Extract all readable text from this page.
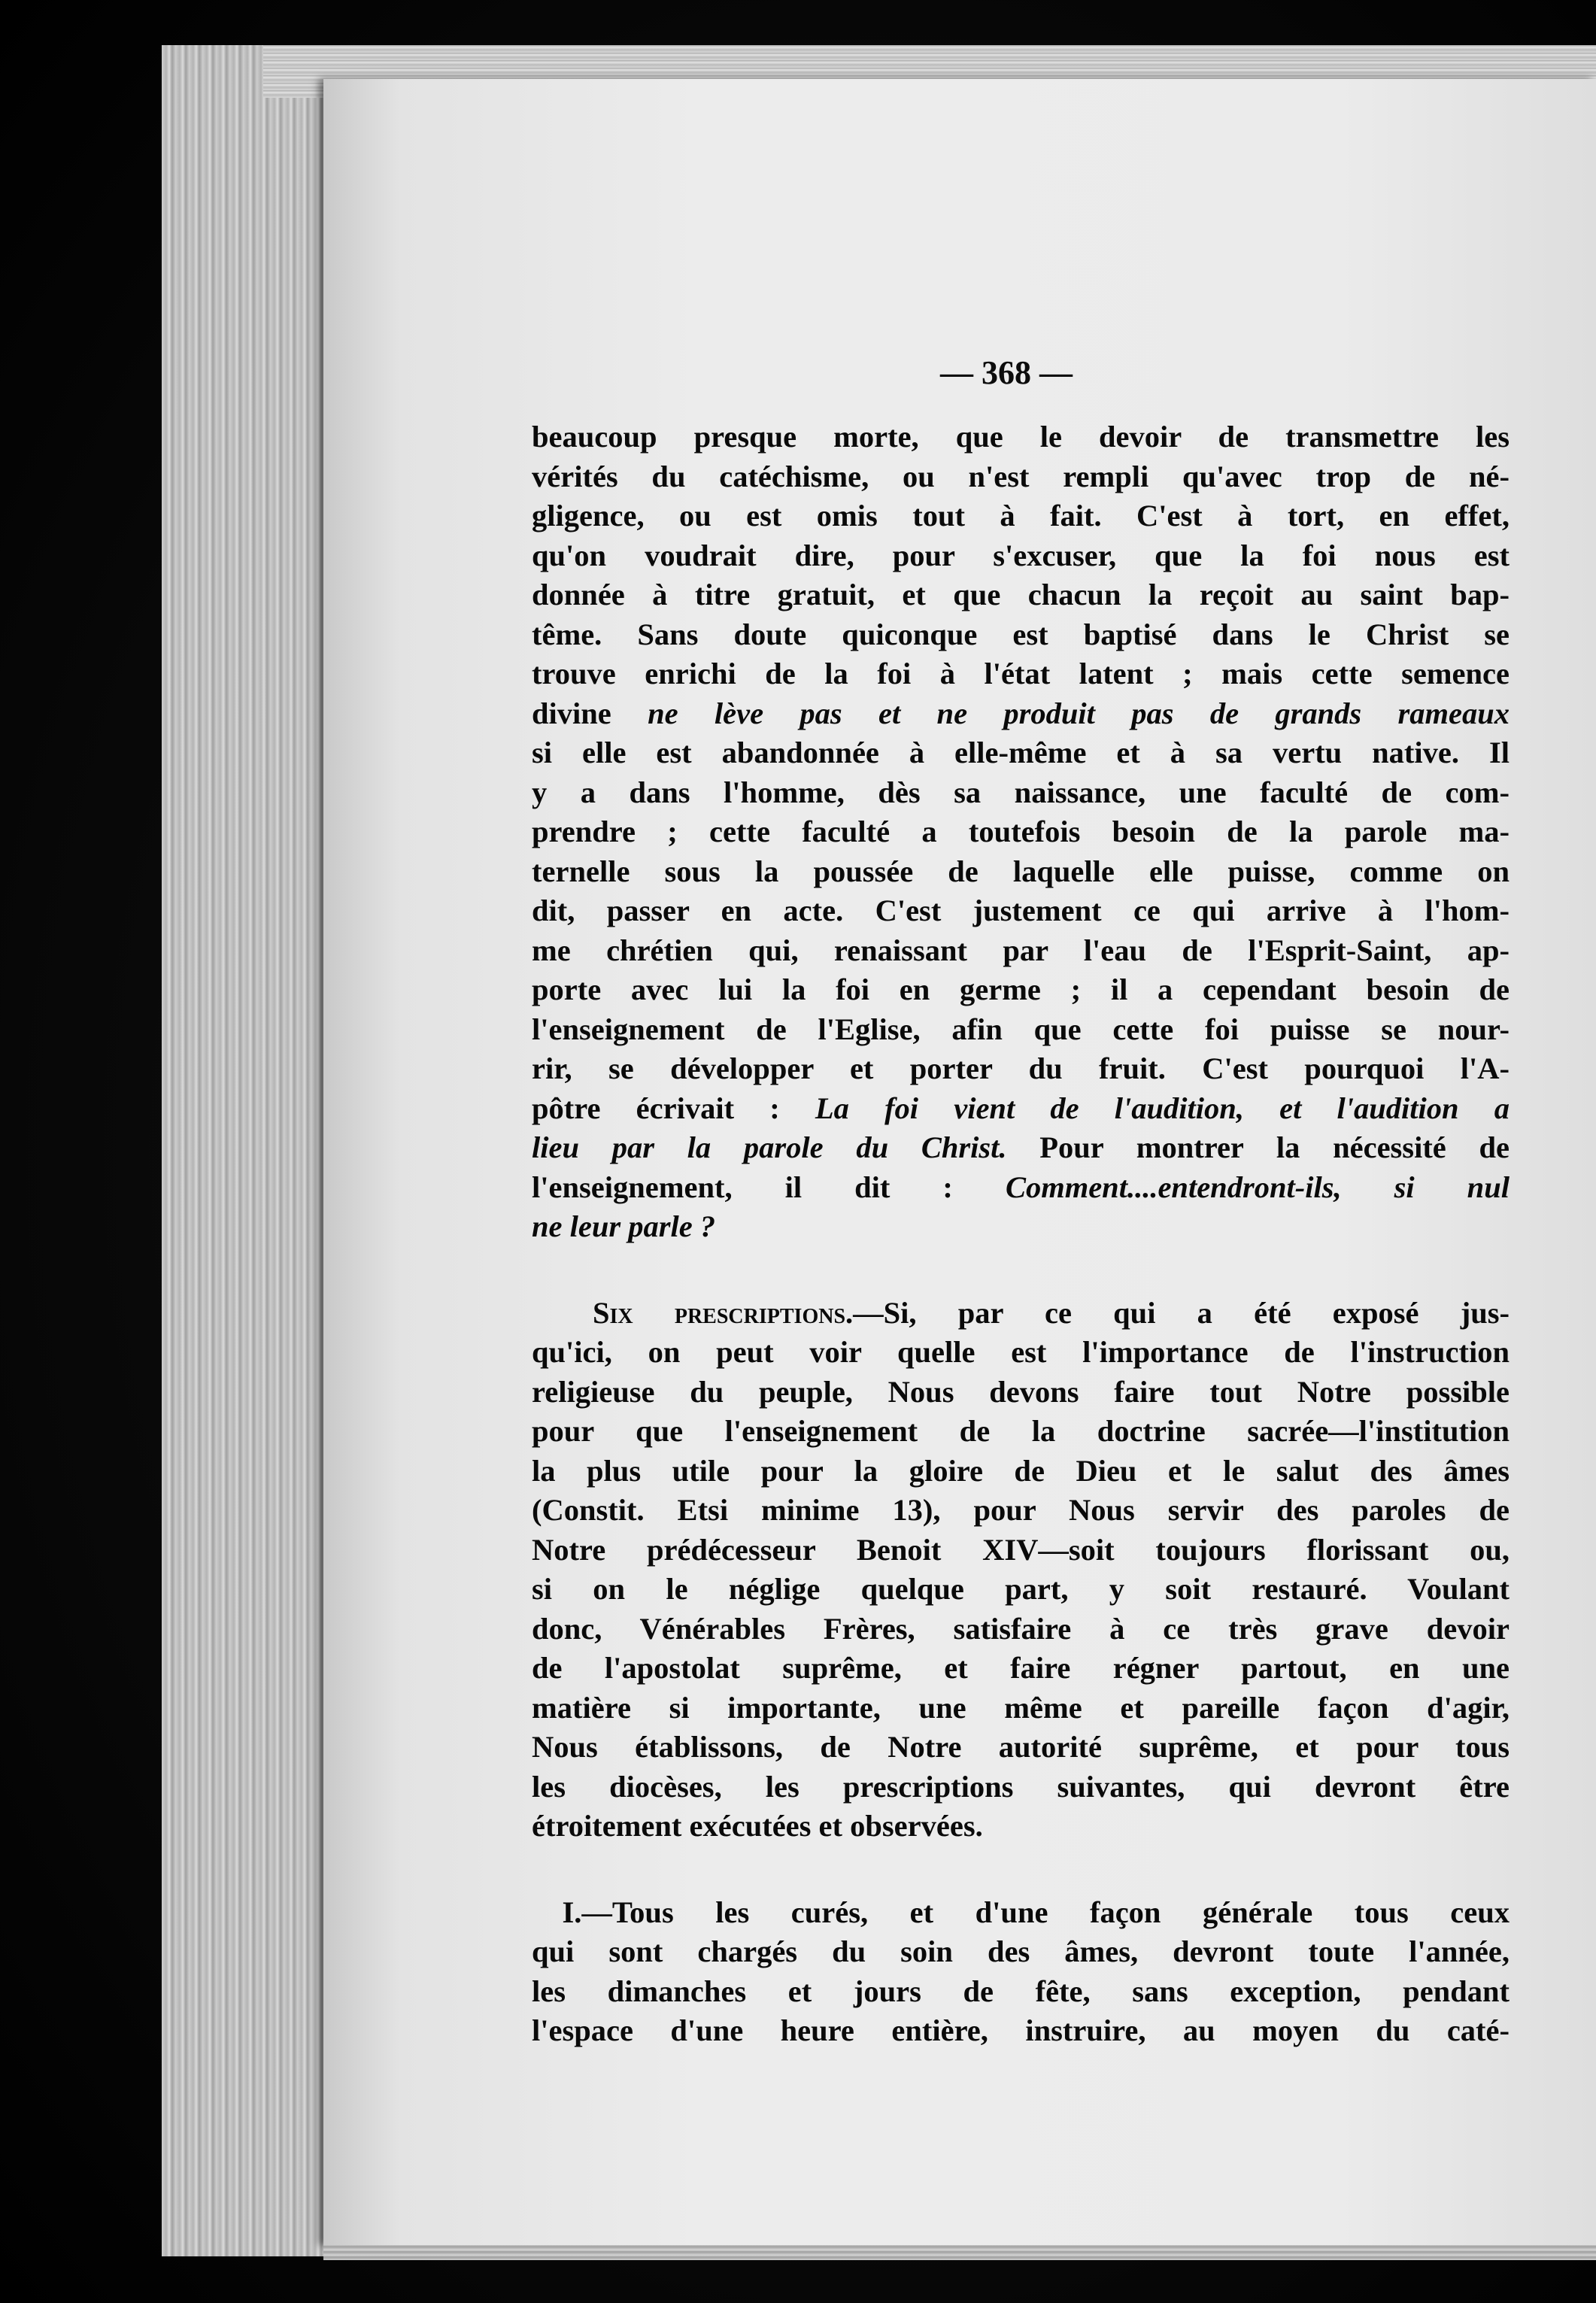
— 368 —
beaucoup presque morte, que le devoir de transmettre les
vérités du catéchisme, ou n'est rempli qu'avec trop de né-
gligence, ou est omis tout à fait. C'est à tort, en effet,
qu'on voudrait dire, pour s'excuser, que la foi nous est
donnée à titre gratuit, et que chacun la reçoit au saint bap-
tême. Sans doute quiconque est baptisé dans le Christ se
trouve enrichi de la foi à l'état latent ; mais cette semence
divine ne lève pas et ne produit pas de grands rameaux
si elle est abandonnée à elle-même et à sa vertu native. Il
y a dans l'homme, dès sa naissance, une faculté de com-
prendre ; cette faculté a toutefois besoin de la parole ma-
ternelle sous la poussée de laquelle elle puisse, comme on
dit, passer en acte. C'est justement ce qui arrive à l'hom-
me chrétien qui, renaissant par l'eau de l'Esprit-Saint, ap-
porte avec lui la foi en germe ; il a cependant besoin de
l'enseignement de l'Eglise, afin que cette foi puisse se nour-
rir, se développer et porter du fruit. C'est pourquoi l'A-
pôtre écrivait : La foi vient de l'audition, et l'audition a
lieu par la parole du Christ. Pour montrer la nécessité de
l'enseignement, il dit : Comment....entendront-ils, si nul
ne leur parle ?
  Six prescriptions.—Si, par ce qui a été exposé jus-
qu'ici, on peut voir quelle est l'importance de l'instruction
religieuse du peuple, Nous devons faire tout Notre possible
pour que l'enseignement de la doctrine sacrée—l'institution
la plus utile pour la gloire de Dieu et le salut des âmes
(Constit. Etsi minime 13), pour Nous servir des paroles de
Notre prédécesseur Benoit XIV—soit toujours florissant ou,
si on le néglige quelque part, y soit restauré. Voulant
donc, Vénérables Frères, satisfaire à ce très grave devoir
de l'apostolat suprême, et faire régner partout, en une
matière si importante, une même et pareille façon d'agir,
Nous établissons, de Notre autorité suprême, et pour tous
les diocèses, les prescriptions suivantes, qui devront être
étroitement exécutées et observées.
 I.—Tous les curés, et d'une façon générale tous ceux
qui sont chargés du soin des âmes, devront toute l'année,
les dimanches et jours de fête, sans exception, pendant
l'espace d'une heure entière, instruire, au moyen du caté-
